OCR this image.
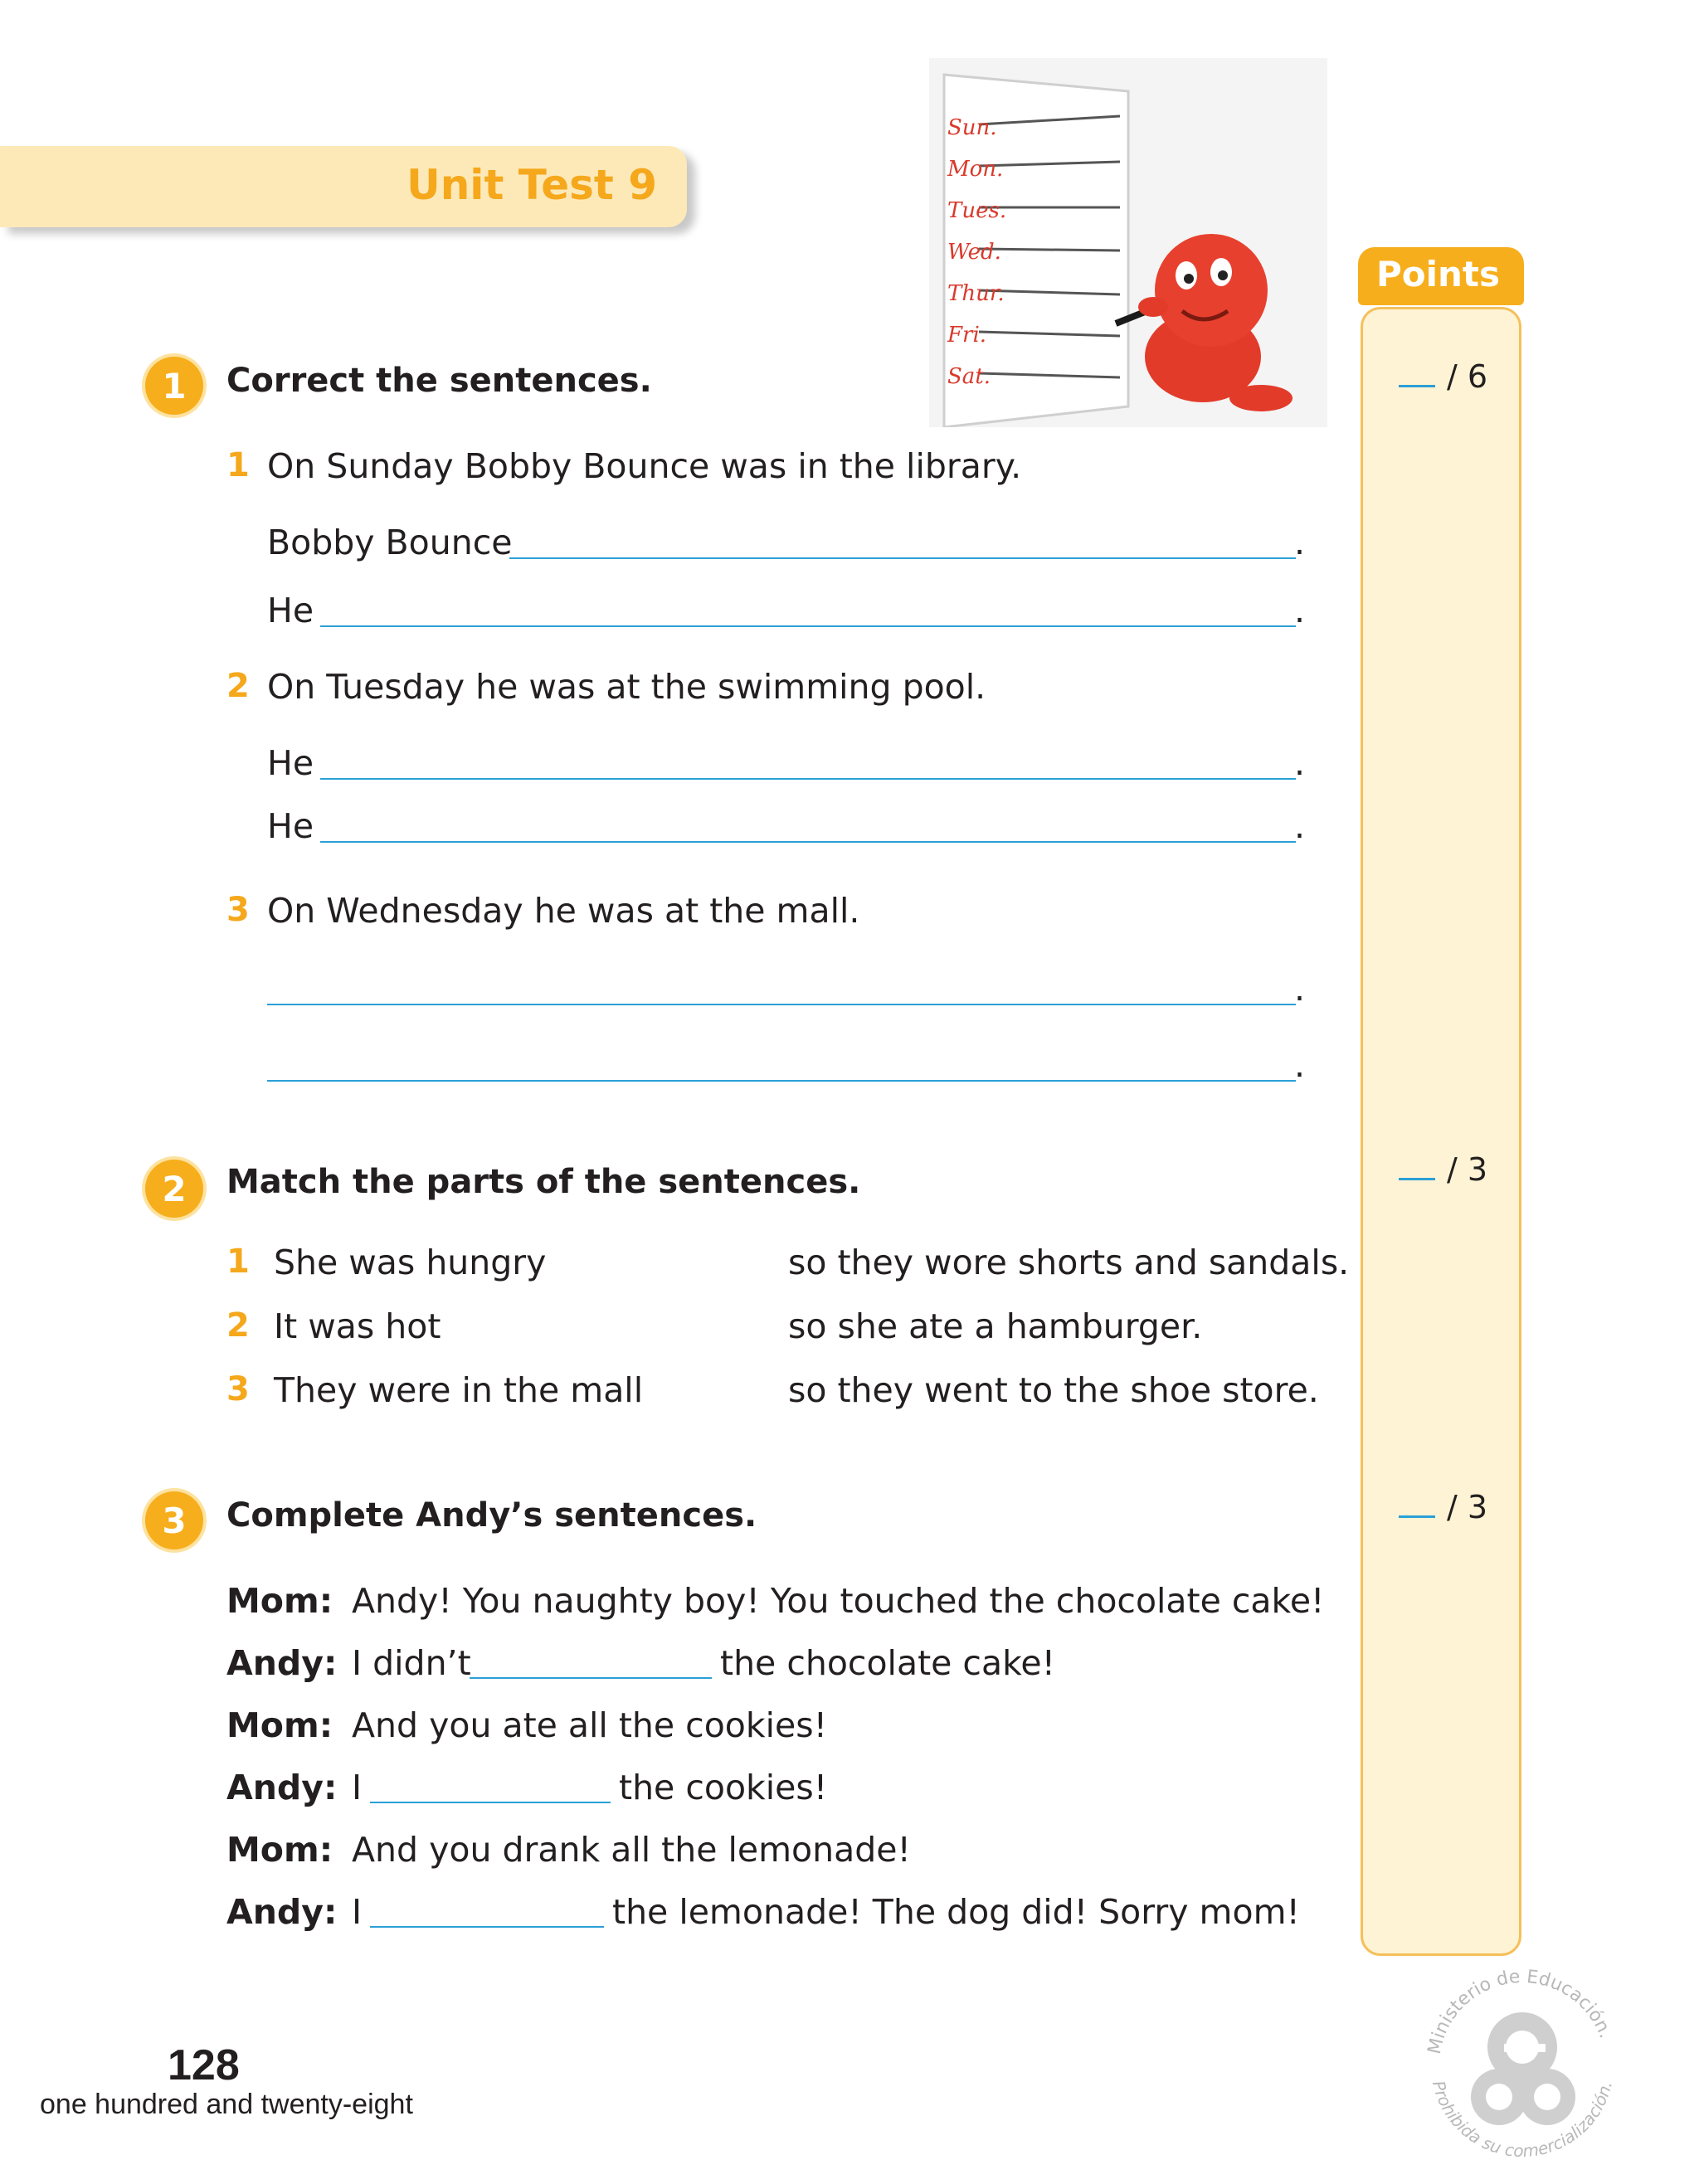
Unit Test 9
Sun.
Mon.
Tues.
Wed.
Thur.
Fri.
Sat.
Points
/ 6
/ 3
/ 3
1	Correct the sentences.
1 On Sunday Bobby Bounce was in the library.
Bobby Bounce	.
He	.
2 On Tuesday he was at the swimming pool.
He	.
He	.
3 On Wednesday he was at the mall.
.
.
2	Match the parts of the sentences.
1 She was hungry	so they wore shorts and sandals.
2 It was hot	so she ate a hamburger.
3 They were in the mall	so they went to the shoe store.
3	Complete Andy’s sentences.
Mom: Andy! You naughty boy! You touched the chocolate cake!
Andy: I didn’t	the chocolate cake!
Mom: And you ate all the cookies!
Andy: I	the cookies!
Mom: And you drank all the lemonade!
Andy: I	the lemonade! The dog did! Sorry mom!
128
one hundred and twenty-eight
Ministerio de Educación.
Prohibida su comercialización.
